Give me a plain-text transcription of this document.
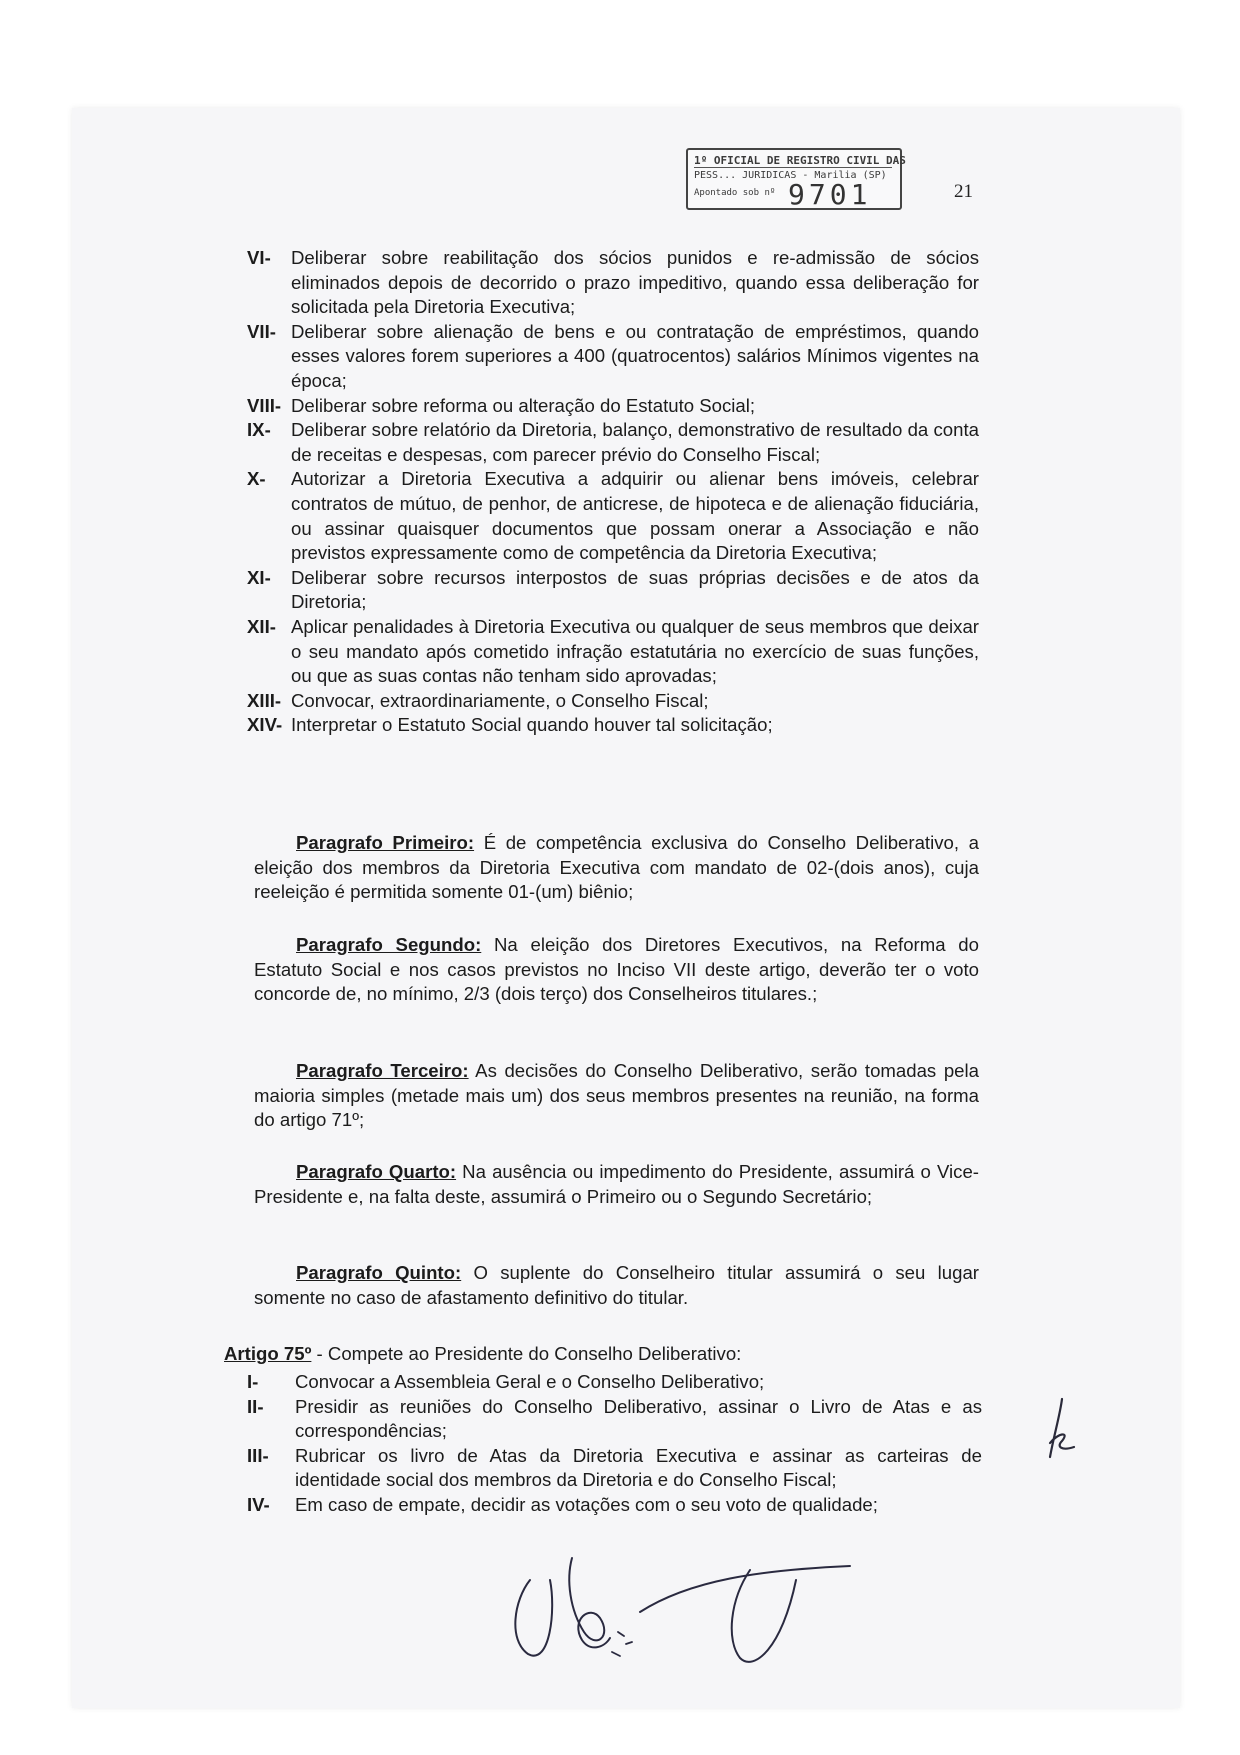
1º OFICIAL DE REGISTRO CIVIL DAS
PESS... JURIDICAS - Marilia (SP)
Apontado sob nº 9701	21
VI-	Deliberar sobre reabilitação dos sócios punidos e re-admissão de sócios eliminados depois de decorrido o prazo impeditivo, quando essa deliberação for solicitada pela Diretoria Executiva;
VII- Deliberar sobre alienação de bens e ou contratação de empréstimos, quando esses valores forem superiores a 400 (quatrocentos) salários Mínimos vigentes na época;
VIII- Deliberar sobre reforma ou alteração do Estatuto Social;
IX-	Deliberar sobre relatório da Diretoria, balanço, demonstrativo de resultado da conta de receitas e despesas, com parecer prévio do Conselho Fiscal;
X-	Autorizar a Diretoria Executiva a adquirir ou alienar bens imóveis, celebrar contratos de mútuo, de penhor, de anticrese, de hipoteca e de alienação fiduciária, ou assinar quaisquer documentos que possam onerar a Associação e não previstos expressamente como de competência da Diretoria Executiva;
XI-	Deliberar sobre recursos interpostos de suas próprias decisões e de atos da Diretoria;
XII- Aplicar penalidades à Diretoria Executiva ou qualquer de seus membros que deixar o seu mandato após cometido infração estatutária no exercício de suas funções, ou que as suas contas não tenham sido aprovadas;
XIII- Convocar, extraordinariamente, o Conselho Fiscal;
XIV- Interpretar o Estatuto Social quando houver tal solicitação;
Paragrafo Primeiro: É de competência exclusiva do Conselho Deliberativo, a eleição dos membros da Diretoria Executiva com mandato de 02-(dois anos), cuja reeleição é permitida somente 01-(um) biênio;
Paragrafo Segundo: Na eleição dos Diretores Executivos, na Reforma do Estatuto Social e nos casos previstos no Inciso VII deste artigo, deverão ter o voto concorde de, no mínimo, 2/3 (dois terço) dos Conselheiros titulares.;
Paragrafo Terceiro: As decisões do Conselho Deliberativo, serão tomadas pela maioria simples (metade mais um) dos seus membros presentes na reunião, na forma do artigo 71º;
Paragrafo Quarto: Na ausência ou impedimento do Presidente, assumirá o Vice-Presidente e, na falta deste, assumirá o Primeiro ou o Segundo Secretário;
Paragrafo Quinto: O suplente do Conselheiro titular assumirá o seu lugar somente no caso de afastamento definitivo do titular.
Artigo 75º - Compete ao Presidente do Conselho Deliberativo:
I-	Convocar a Assembleia Geral e o Conselho Deliberativo;
II-	Presidir as reuniões do Conselho Deliberativo, assinar o Livro de Atas e as correspondências;
III-	Rubricar os livro de Atas da Diretoria Executiva e assinar as carteiras de identidade social dos membros da Diretoria e do Conselho Fiscal;
IV-	Em caso de empate, decidir as votações com o seu voto de qualidade;
